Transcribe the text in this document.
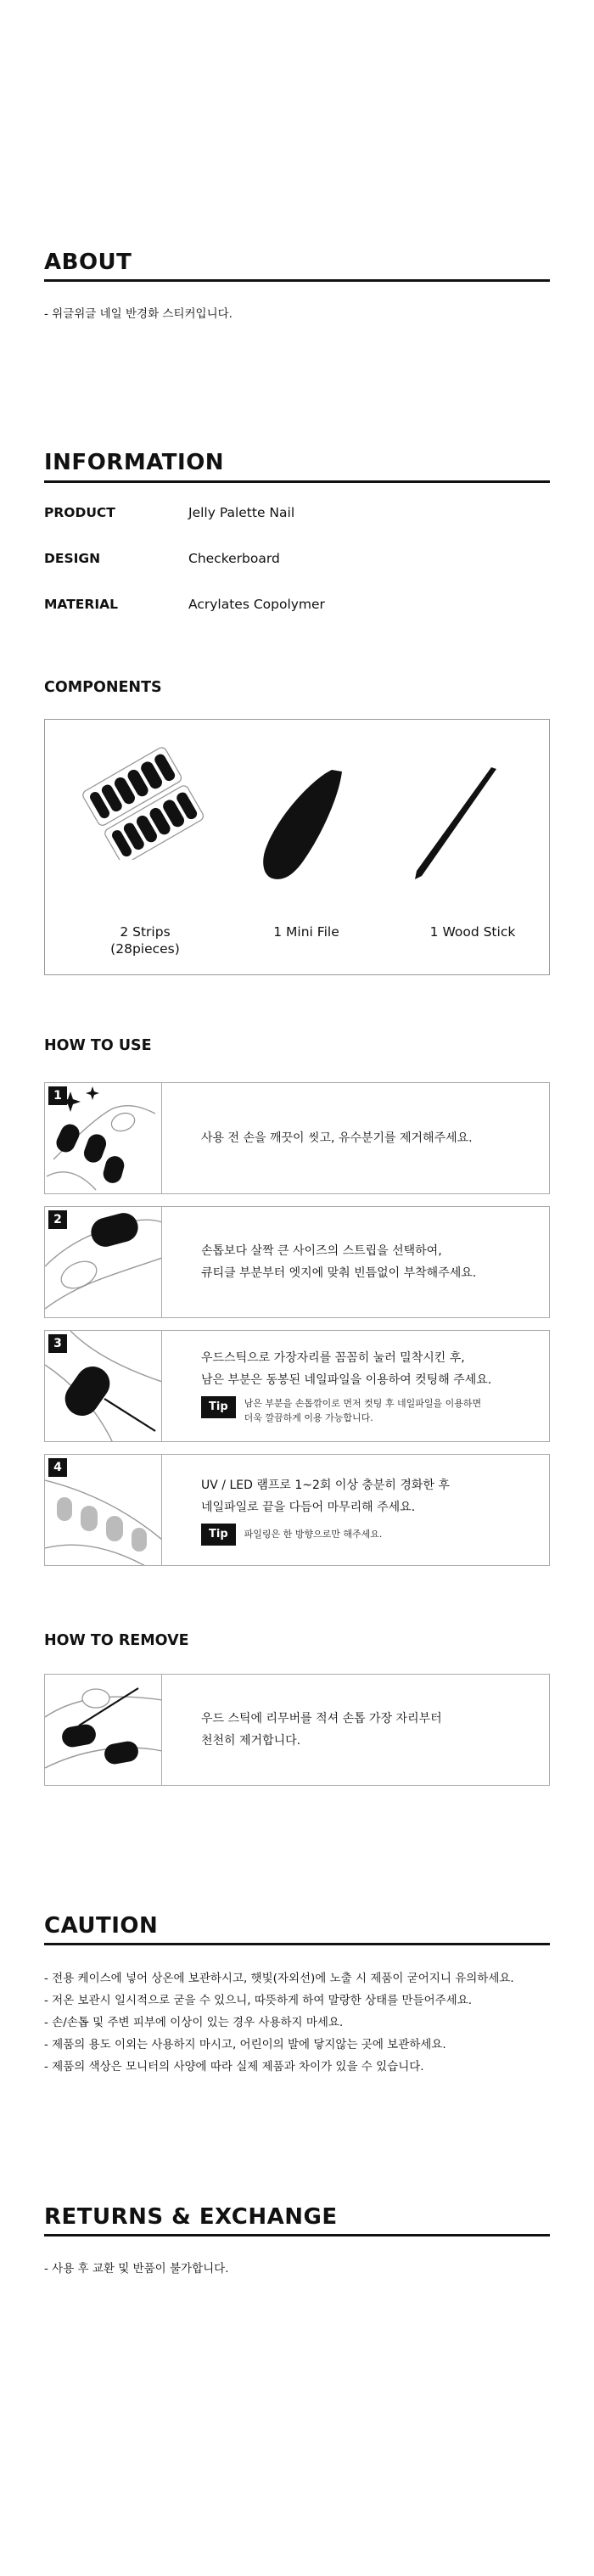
ABOUT
- 위글위글 네일 반경화 스티커입니다.
INFORMATION
PRODUCT	Jelly Palette Nail
DESIGN	Checkerboard
MATERIAL	Acrylates Copolymer
COMPONENTS
2 Strips
(28pieces)
1 Mini File	1 Wood Stick
HOW TO USE
1
사용 전 손을 깨끗이 씻고, 유수분기를 제거해주세요.
2
손톱보다 살짝 큰 사이즈의 스트립을 선택하여,
큐티클 부분부터 엣지에 맞춰 빈틈없이 부착해주세요.
3
우드스틱으로 가장자리를 꼼꼼히 눌러 밀착시킨 후,
남은 부분은 동봉된 네일파일을 이용하여 컷팅해 주세요.
Tip	남은 부분을 손톱깎이로 먼저 컷팅 후 네일파일을 이용하면
더욱 깔끔하게 이용 가능합니다.
4
UV / LED 램프로 1~2회 이상 충분히 경화한 후
네일파일로 끝을 다듬어 마무리해 주세요.
Tip	파일링은 한 방향으로만 해주세요.
HOW TO REMOVE
우드 스틱에 리무버를 적셔 손톱 가장 자리부터
천천히 제거합니다.
CAUTION
- 전용 케이스에 넣어 상온에 보관하시고, 햇빛(자외선)에 노출 시 제품이 굳어지니 유의하세요.
- 저온 보관시 일시적으로 굳을 수 있으니, 따뜻하게 하여 말랑한 상태를 만들어주세요.
- 손/손톱 및 주변 피부에 이상이 있는 경우 사용하지 마세요.
- 제품의 용도 이외는 사용하지 마시고, 어린이의 발에 닿지않는 곳에 보관하세요.
- 제품의 색상은 모니터의 사양에 따라 실제 제품과 차이가 있을 수 있습니다.
RETURNS & EXCHANGE
- 사용 후 교환 및 반품이 불가합니다.
